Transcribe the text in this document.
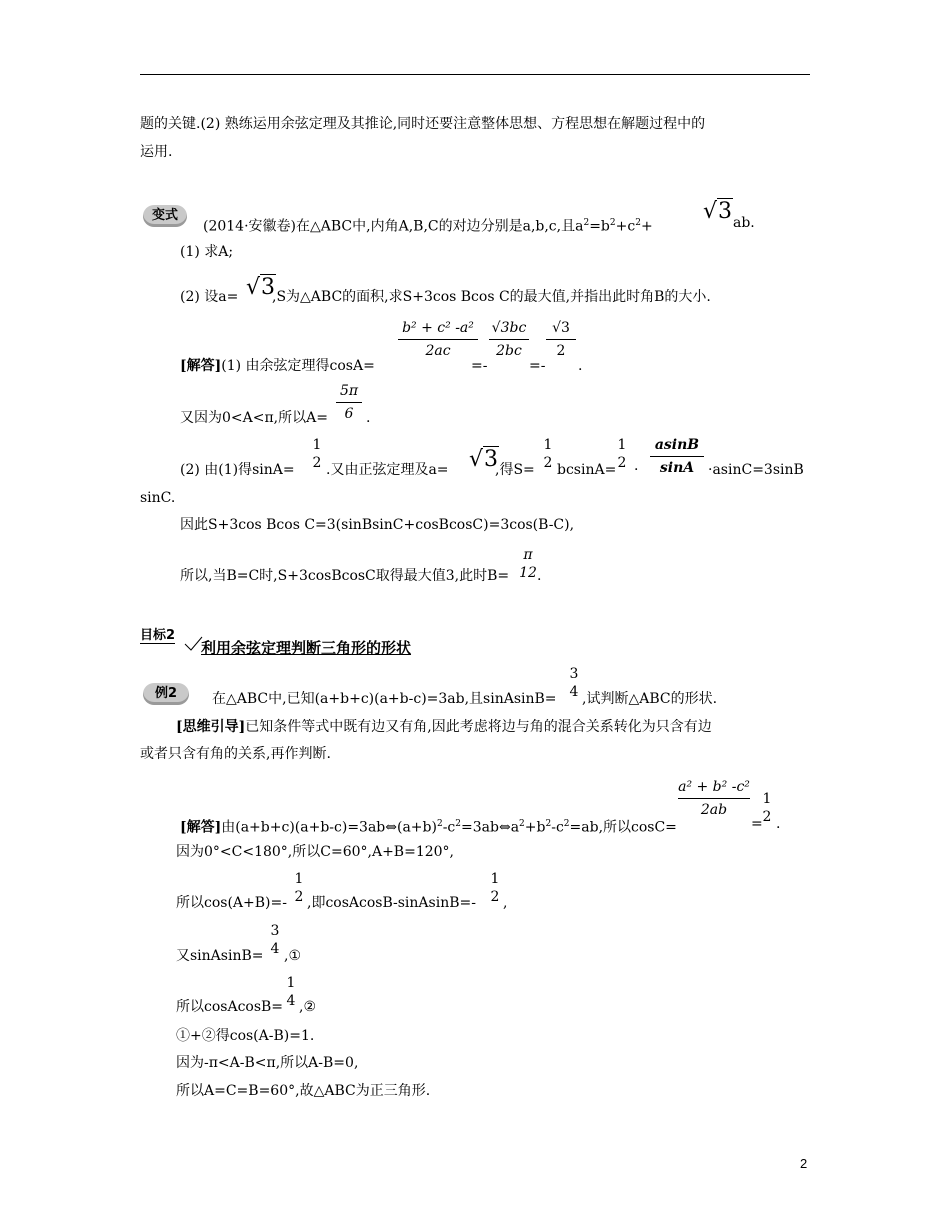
题的关键.(2) 熟练运用余弦定理及其推论,同时还要注意整体思想、方程思想在解题过程中的
运用.
变式
(2014·安徽卷)在△ABC中,内角A,B,C的对边分别是a,b,c,且$a^2=b^2+c^2+$
√3 ab.
(1) 求A;
(2) 设a= √3
,S为△ABC的面积,求S+3cos Bcos C的最大值,并指出此时角B的大小.
[解答](1) 由余弦定理得cosA=
b² + c² -a²
2ac
=-
√3bc
2bc
=-
√3
2
.
又因为0<A<π,所以A=
5π
6 .
(2) 由(1)得sinA=
1
2 .又由正弦定理及a= √3
,得S=
1
2 bcsinA=
1
2 ·
asinB
sinA ·asinC=3sinB
sinC.
因此S+3cos Bcos C=3(sinBsinC+cosBcosC)=3cos(B-C),
所以,当B=C时,S+3cosBcosC取得最大值3,此时B=
π
12 .
目标2
利用余弦定理判断三角形的形状
例2	在△ABC中,已知(a+b+c)(a+b-c)=3ab,且sinAsinB=
3
4 ,试判断△ABC的形状.
[思维引导]已知条件等式中既有边又有角,因此考虑将边与角的混合关系转化为只含有边
或者只含有角的关系,再作判断.
[解答]由$(a+b+c)(a+b-c)=3ab\Leftrightarrow(a+b)^2-c^2=3ab\Leftrightarrow a^2+b^2-c^2=ab$,所以cosC=
a² + b² -c²
2ab
=
1
2 .
因为0°<C<180°,所以C=60°,A+B=120°,
所以cos(A+B)=-
1
2 ,即cosAcosB-sinAsinB=-
1
2 ,
又sinAsinB=
3
4 ,①
所以cosAcosB=
1
4 ,②
①+②得cos(A-B)=1.
因为-π<A-B<π,所以A-B=0,
所以A=C=B=60°,故△ABC为正三角形.
2
